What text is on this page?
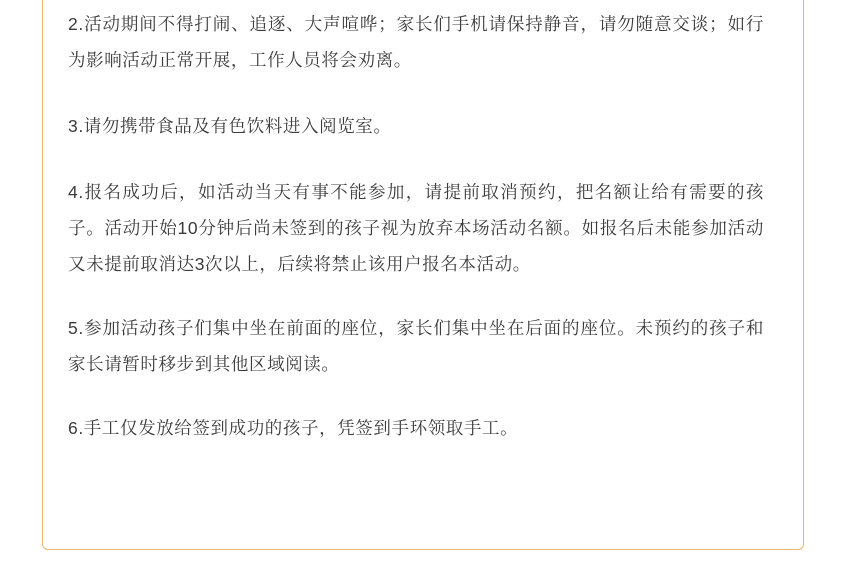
2.活动期间不得打闹、追逐、大声喧哗；家长们手机请保持静音，请勿随意交谈；如行为影响活动正常开展，工作人员将会劝离。

3.请勿携带食品及有色饮料进入阅览室。

4.报名成功后，如活动当天有事不能参加，请提前取消预约，把名额让给有需要的孩子。活动开始10分钟后尚未签到的孩子视为放弃本场活动名额。如报名后未能参加活动又未提前取消达3次以上，后续将禁止该用户报名本活动。

5.参加活动孩子们集中坐在前面的座位，家长们集中坐在后面的座位。未预约的孩子和家长请暂时移步到其他区域阅读。

6.手工仅发放给签到成功的孩子，凭签到手环领取手工。
